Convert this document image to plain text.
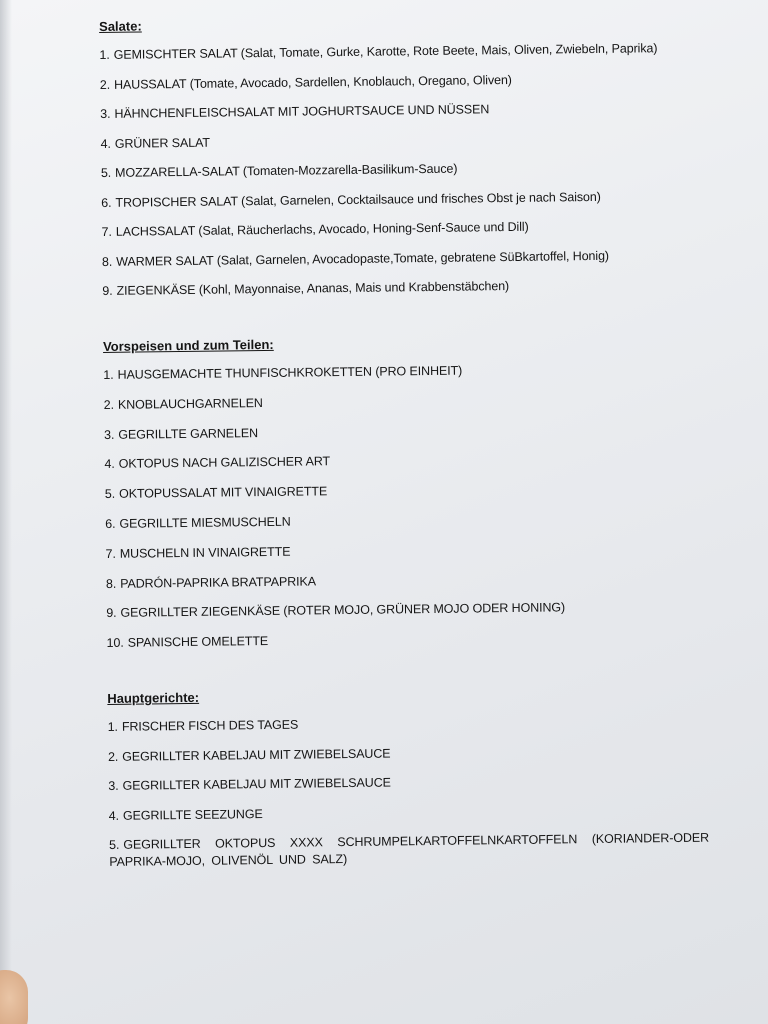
Salate:
1. GEMISCHTER SALAT (Salat, Tomate, Gurke, Karotte, Rote Beete, Mais, Oliven, Zwiebeln, Paprika)
2. HAUSSALAT (Tomate, Avocado, Sardellen, Knoblauch, Oregano, Oliven)
3. HÄHNCHENFLEISCHSALAT MIT JOGHURTSAUCE UND NÜSSEN
4. GRÜNER SALAT
5. MOZZARELLA-SALAT (Tomaten-Mozzarella-Basilikum-Sauce)
6. TROPISCHER SALAT (Salat, Garnelen, Cocktailsauce und frisches Obst je nach Saison)
7. LACHSSALAT (Salat, Räucherlachs, Avocado, Honing-Senf-Sauce und Dill)
8. WARMER SALAT (Salat, Garnelen, Avocadopaste,Tomate, gebratene SüBkartoffel, Honig)
9. ZIEGENKÄSE (Kohl, Mayonnaise, Ananas, Mais und Krabbenstäbchen)
Vorspeisen und zum Teilen:
1. HAUSGEMACHTE THUNFISCHKROKETTEN (PRO EINHEIT)
2. KNOBLAUCHGARNELEN
3. GEGRILLTE GARNELEN
4. OKTOPUS NACH GALIZISCHER ART
5. OKTOPUSSALAT MIT VINAIGRETTE
6. GEGRILLTE MIESMUSCHELN
7. MUSCHELN IN VINAIGRETTE
8. PADRÓN-PAPRIKA BRATPAPRIKA
9. GEGRILLTER ZIEGENKÄSE (ROTER MOJO, GRÜNER MOJO ODER HONING)
10. SPANISCHE OMELETTE
Hauptgerichte:
1. FRISCHER FISCH DES TAGES
2. GEGRILLTER KABELJAU MIT ZWIEBELSAUCE
3. GEGRILLTER KABELJAU MIT ZWIEBELSAUCE
4. GEGRILLTE SEEZUNGE
5. GEGRILLTER OKTOPUS XXXX SCHRUMPELKARTOFFELNKARTOFFELN (KORIANDER-ODER PAPRIKA-MOJO, OLIVENÖL UND SALZ)
